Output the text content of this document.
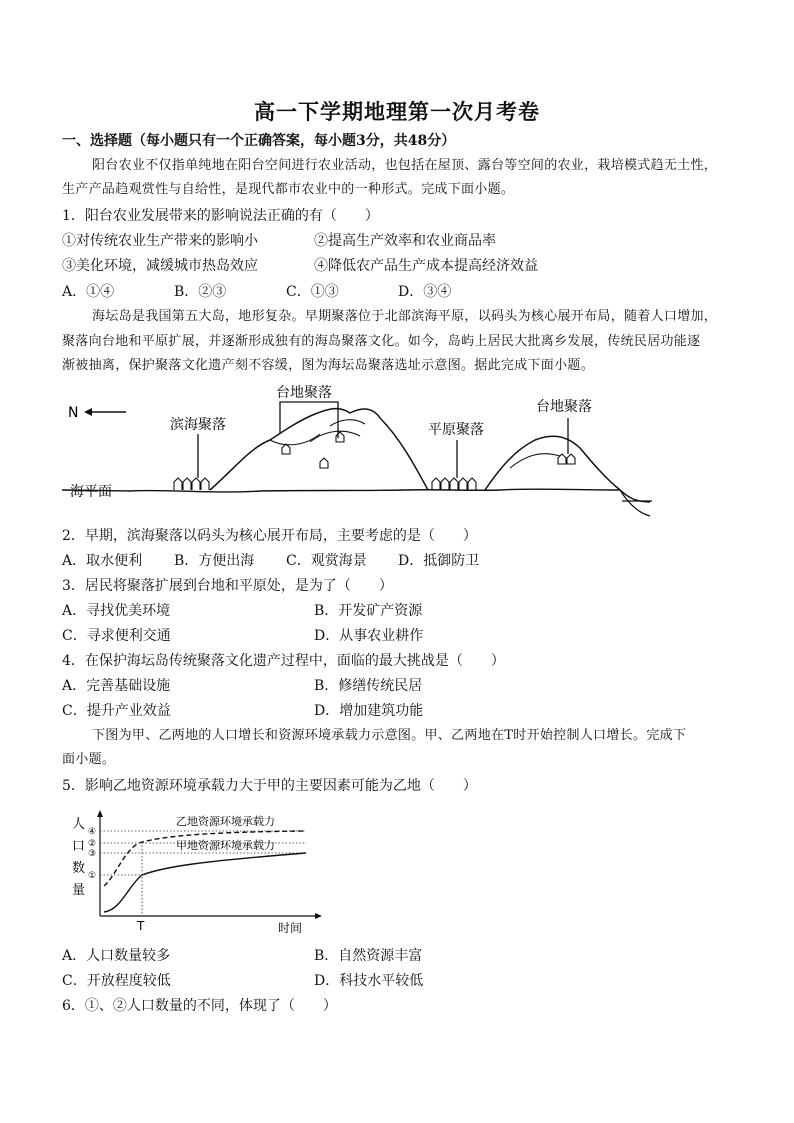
高一下学期地理第一次月考卷
一、选择题（每小题只有一个正确答案，每小题3分，共48分）
阳台农业不仅指单纯地在阳台空间进行农业活动，也包括在屋顶、露台等空间的农业，栽培模式趋无土性，
生产产品趋观赏性与自给性，是现代都市农业中的一种形式。完成下面小题。
1．阳台农业发展带来的影响说法正确的有（　　）
①对传统农业生产带来的影响小	②提高生产效率和农业商品率
③美化环境，减缓城市热岛效应	④降低农产品生产成本提高经济效益
A．①④	B．②③	C．①③	D．③④
海坛岛是我国第五大岛，地形复杂。早期聚落位于北部滨海平原，以码头为核心展开布局，随着人口增加，
聚落向台地和平原扩展，并逐渐形成独有的海岛聚落文化。如今，岛屿上居民大批离乡发展，传统民居功能逐
渐被抽离，保护聚落文化遗产刻不容缓，图为海坛岛聚落选址示意图。据此完成下面小题。
N
海平面
滨海聚落
台地聚落
平原聚落
台地聚落
2．早期，滨海聚落以码头为核心展开布局，主要考虑的是（　　）
A．取水便利 B．方便出海 C．观赏海景 D．抵御防卫
3．居民将聚落扩展到台地和平原处，是为了（　　）
A．寻找优美环境	B．开发矿产资源
C．寻求便利交通	D．从事农业耕作
4．在保护海坛岛传统聚落文化遗产过程中，面临的最大挑战是（　　）
A．完善基础设施	B．修缮传统民居
C．提升产业效益	D．增加建筑功能
下图为甲、乙两地的人口增长和资源环境承载力示意图。甲、乙两地在T时开始控制人口增长。完成下
面小题。
5．影响乙地资源环境承载力大于甲的主要因素可能为乙地（　　）
人
口
数
量
④
②
③
①
乙地资源环境承载力
甲地资源环境承载力
T	时间
A．人口数量较多	B．自然资源丰富
C．开放程度较低	D．科技水平较低
6．①、②人口数量的不同，体现了（　　）
